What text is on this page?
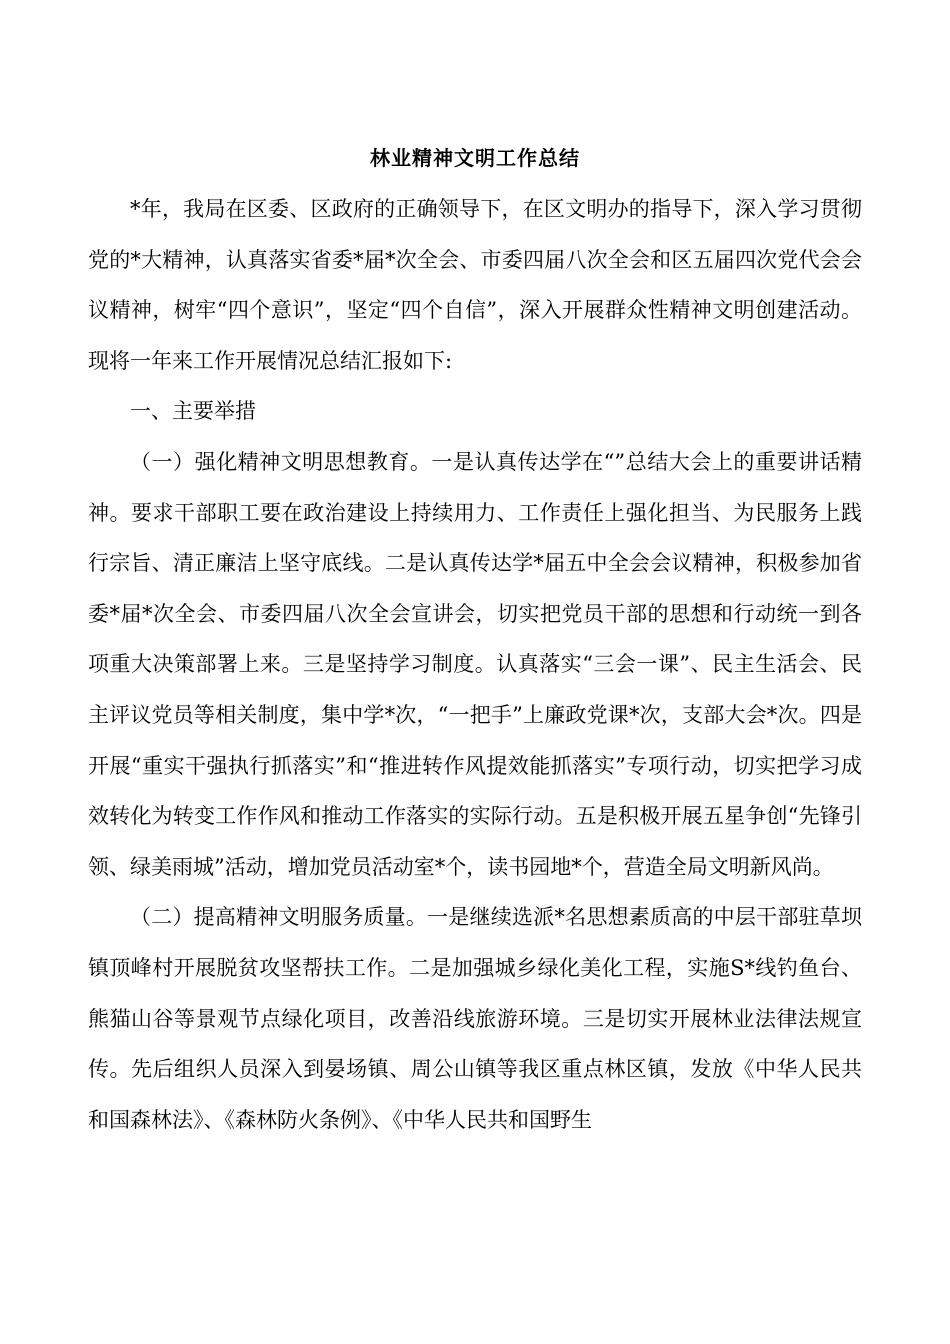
林业精神文明工作总结

*年，我局在区委、区政府的正确领导下，在区文明办的指导下，深入学习贯彻党的*大精神，认真落实省委*届*次全会、市委四届八次全会和区五届四次党代会会议精神，树牢“四个意识”，坚定“四个自信”，深入开展群众性精神文明创建活动。现将一年来工作开展情况总结汇报如下:

一、主要举措

（一）强化精神文明思想教育。一是认真传达学在“”总结大会上的重要讲话精神。要求干部职工要在政治建设上持续用力、工作责任上强化担当、为民服务上践行宗旨、清正廉洁上坚守底线。二是认真传达学*届五中全会会议精神，积极参加省委*届*次全会、市委四届八次全会宣讲会，切实把党员干部的思想和行动统一到各项重大决策部署上来。三是坚持学习制度。认真落实“三会一课”、民主生活会、民主评议党员等相关制度，集中学*次，“一把手”上廉政党课*次，支部大会*次。四是开展“重实干强执行抓落实”和“推进转作风提效能抓落实”专项行动，切实把学习成效转化为转变工作作风和推动工作落实的实际行动。五是积极开展五星争创“先锋引领、绿美雨城”活动，增加党员活动室*个，读书园地*个，营造全局文明新风尚。

（二）提高精神文明服务质量。一是继续选派*名思想素质高的中层干部驻草坝镇顶峰村开展脱贫攻坚帮扶工作。二是加强城乡绿化美化工程，实施S*线钓鱼台、熊猫山谷等景观节点绿化项目，改善沿线旅游环境。三是切实开展林业法律法规宣传。先后组织人员深入到晏场镇、周公山镇等我区重点林区镇，发放《中华人民共和国森林法》、《森林防火条例》、《中华人民共和国野生
